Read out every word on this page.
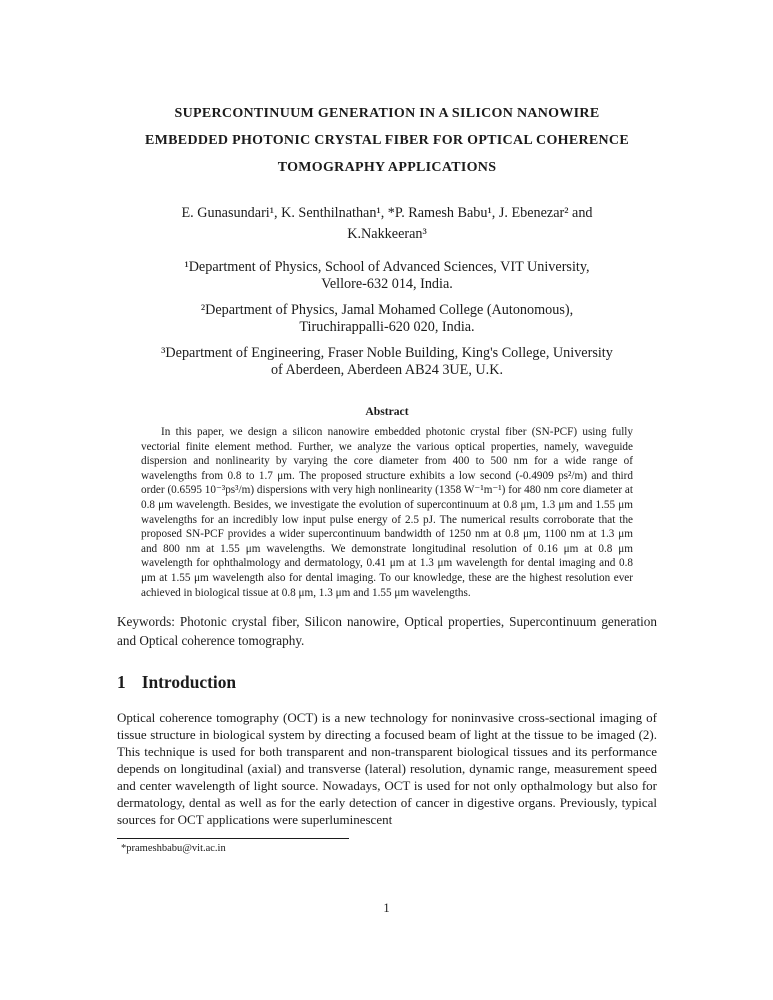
SUPERCONTINUUM GENERATION IN A SILICON NANOWIRE
EMBEDDED PHOTONIC CRYSTAL FIBER FOR OPTICAL COHERENCE
TOMOGRAPHY APPLICATIONS

E. Gunasundari¹, K. Senthilnathan¹, *P. Ramesh Babu¹, J. Ebenezar² and
K.Nakkeeran³

¹Department of Physics, School of Advanced Sciences, VIT University,
Vellore-632 014, India.

²Department of Physics, Jamal Mohamed College (Autonomous),
Tiruchirappalli-620 020, India.

³Department of Engineering, Fraser Noble Building, King's College, University
of Aberdeen, Aberdeen AB24 3UE, U.K.

Abstract

In this paper, we design a silicon nanowire embedded photonic crystal fiber (SN-PCF) using fully vectorial finite element method. Further, we analyze the various optical properties, namely, waveguide dispersion and nonlinearity by varying the core diameter from 400 to 500 nm for a wide range of wavelengths from 0.8 to 1.7 μm. The proposed structure exhibits a low second (-0.4909 ps²/m) and third order (0.6595 10⁻³ps³/m) dispersions with very high nonlinearity (1358 W⁻¹m⁻¹) for 480 nm core diameter at 0.8 μm wavelength. Besides, we investigate the evolution of supercontinuum at 0.8 μm, 1.3 μm and 1.55 μm wavelengths for an incredibly low input pulse energy of 2.5 pJ. The numerical results corroborate that the proposed SN-PCF provides a wider supercontinuum bandwidth of 1250 nm at 0.8 μm, 1100 nm at 1.3 μm and 800 nm at 1.55 μm wavelengths. We demonstrate longitudinal resolution of 0.16 μm at 0.8 μm wavelength for ophthalmology and dermatology, 0.41 μm at 1.3 μm wavelength for dental imaging and 0.8 μm at 1.55 μm wavelength also for dental imaging. To our knowledge, these are the highest resolution ever achieved in biological tissue at 0.8 μm, 1.3 μm and 1.55 μm wavelengths.

Keywords: Photonic crystal fiber, Silicon nanowire, Optical properties, Supercontinuum generation and Optical coherence tomography.

1 Introduction

Optical coherence tomography (OCT) is a new technology for noninvasive cross-sectional imaging of tissue structure in biological system by directing a focused beam of light at the tissue to be imaged (2). This technique is used for both transparent and non-transparent biological tissues and its performance depends on longitudinal (axial) and transverse (lateral) resolution, dynamic range, measurement speed and center wavelength of light source. Nowadays, OCT is used for not only opthalmology but also for dermatology, dental as well as for the early detection of cancer in digestive organs. Previously, typical sources for OCT applications were superluminescent

*prameshbabu@vit.ac.in

1
